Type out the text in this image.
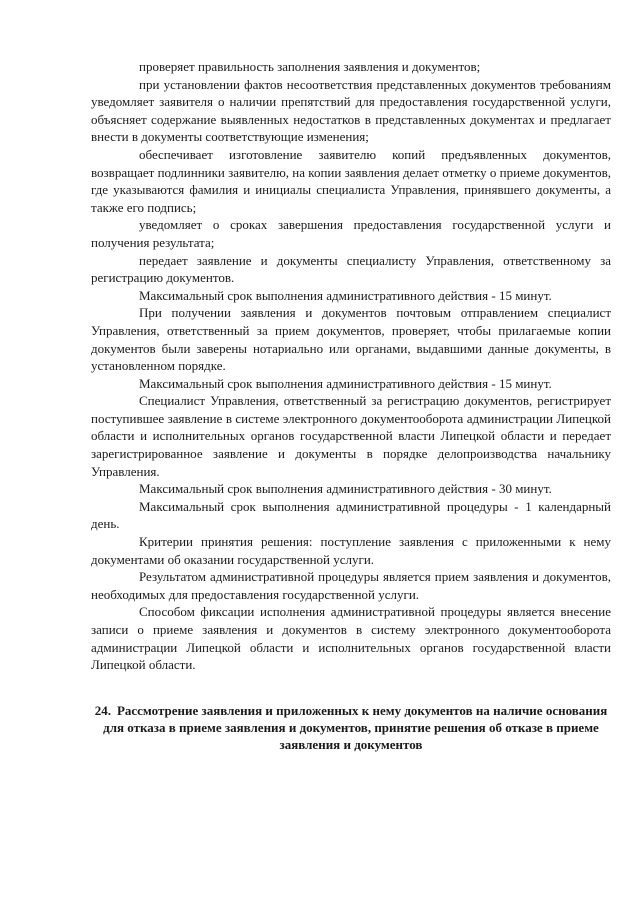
проверяет правильность заполнения заявления и документов;

при установлении фактов несоответствия представленных документов требованиям уведомляет заявителя о наличии препятствий для предоставления государственной услуги, объясняет содержание выявленных недостатков в представленных документах и предлагает внести в документы соответствующие изменения;

обеспечивает изготовление заявителю копий предъявленных документов, возвращает подлинники заявителю, на копии заявления делает отметку о приеме документов, где указываются фамилия и инициалы специалиста Управления, принявшего документы, а также его подпись;

уведомляет о сроках завершения предоставления государственной услуги и получения результата;

передает заявление и документы специалисту Управления, ответственному за регистрацию документов.

Максимальный срок выполнения административного действия - 15 минут.

При получении заявления и документов почтовым отправлением специалист Управления, ответственный за прием документов, проверяет, чтобы прилагаемые копии документов были заверены нотариально или органами, выдавшими данные документы, в установленном порядке.

Максимальный срок выполнения административного действия - 15 минут.

Специалист Управления, ответственный за регистрацию документов, регистрирует поступившее заявление в системе электронного документооборота администрации Липецкой области и исполнительных органов государственной власти Липецкой области и передает зарегистрированное заявление и документы в порядке делопроизводства начальнику Управления.

Максимальный срок выполнения административного действия - 30 минут.

Максимальный срок выполнения административной процедуры - 1 календарный день.

Критерии принятия решения: поступление заявления с приложенными к нему документами об оказании государственной услуги.

Результатом административной процедуры является прием заявления и документов, необходимых для предоставления государственной услуги.

Способом фиксации исполнения административной процедуры является внесение записи о приеме заявления и документов в систему электронного документооборота администрации Липецкой области и исполнительных органов государственной власти Липецкой области.

24. Рассмотрение заявления и приложенных к нему документов на наличие основания для отказа в приеме заявления и документов, принятие решения об отказе в приеме заявления и документов
